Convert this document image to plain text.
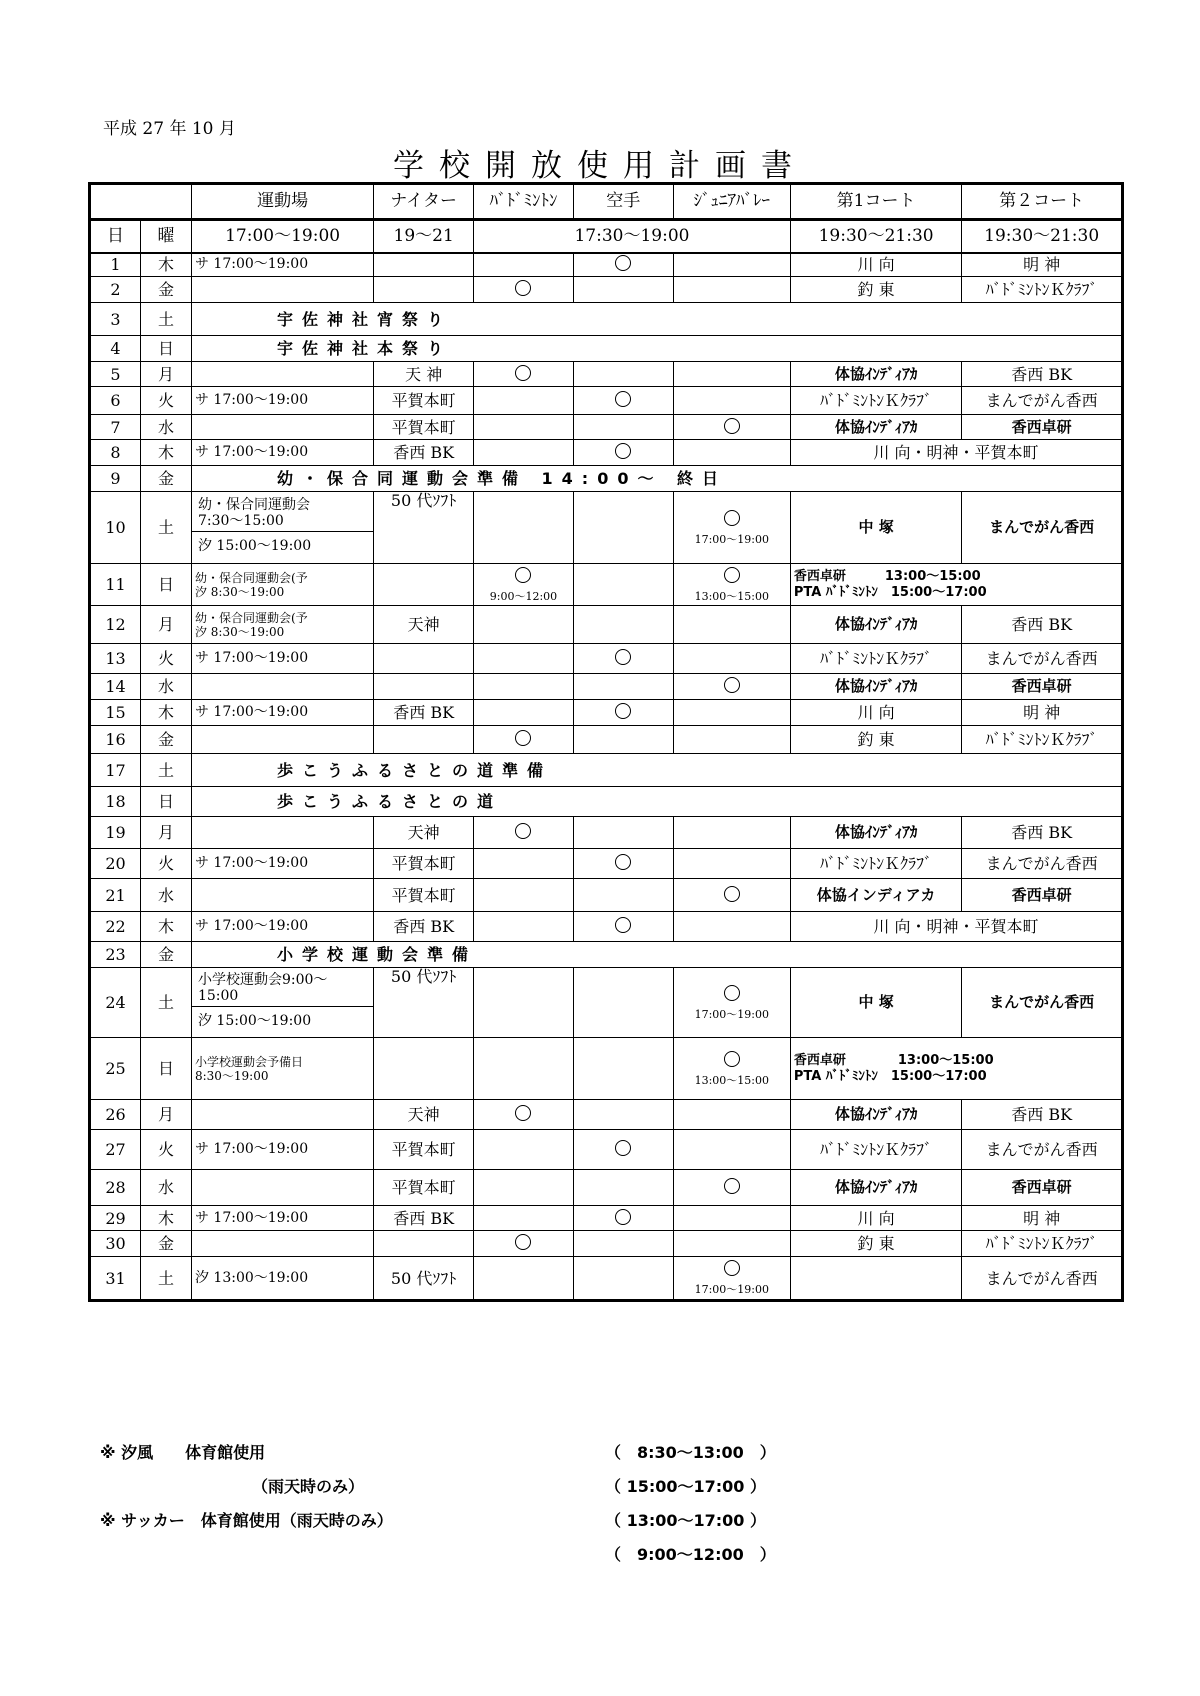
平成 27 年 10 月
学校開放使用計画書
		運動場	ナイター	ﾊﾞﾄﾞﾐﾝﾄﾝ	空手	ｼﾞｭﾆｱﾊﾞﾚｰ	第1コート	第２コート
日	曜	17:00～19:00	19～21	17:30～19:00			19:30～21:30	19:30～21:30
1	木	サ 17:00～19:00					川 向	明 神
2	金						釣 東	ﾊﾞﾄﾞﾐﾝﾄﾝＫｸﾗﾌﾞ
3	土	宇佐神社宵祭り						
4	日	宇佐神社本祭り						
5	月		天 神				体協ｲﾝﾃﾞｨｱｶ	香西 BK
6	火	サ 17:00～19:00	平賀本町				ﾊﾞﾄﾞﾐﾝﾄﾝＫｸﾗﾌﾞ	まんでがん香西
7	水		平賀本町				体協ｲﾝﾃﾞｨｱｶ	香西卓研
8	木	サ 17:00～19:00	香西 BK				川 向・明神・平賀本町	
9	金	幼・保合同運動会準備 14:00～ 終日						
10	土	幼・保合同運動会
7:30～15:00
汐 15:00～19:00	50 代ｿﾌﾄ			17:00～19:00	中 塚	まんでがん香西
11	日	幼・保合同運動会(予
汐 8:30～19:00		9:00～12:00		13:00～15:00	香西卓研　　　13:00～15:00
PTA ﾊﾞﾄﾞﾐﾝﾄﾝ　15:00～17:00	

12	月	幼・保合同運動会(予
汐 8:30～19:00	天神				体協ｲﾝﾃﾞｨｱｶ	香西 BK
13	火	サ 17:00～19:00					ﾊﾞﾄﾞﾐﾝﾄﾝＫｸﾗﾌﾞ	まんでがん香西
14	水						体協ｲﾝﾃﾞｨｱｶ	香西卓研
15	木	サ 17:00～19:00	香西 BK				川 向	明 神
16	金						釣 東	ﾊﾞﾄﾞﾐﾝﾄﾝＫｸﾗﾌﾞ
17	土	歩こうふるさとの道準備						
18	日	歩こうふるさとの道						
19	月		天神				体協ｲﾝﾃﾞｨｱｶ	香西 BK
20	火	サ 17:00～19:00	平賀本町				ﾊﾞﾄﾞﾐﾝﾄﾝＫｸﾗﾌﾞ	まんでがん香西
21	水		平賀本町				体協インディアカ	香西卓研
22	木	サ 17:00～19:00	香西 BK				川 向・明神・平賀本町	
23	金	小学校運動会準備						
24	土	小学校運動会9:00～
15:00
汐 15:00～19:00	50 代ｿﾌﾄ			17:00～19:00	中 塚	まんでがん香西
25	日	小学校運動会予備日
8:30～19:00				13:00～15:00	香西卓研　　　　13:00～15:00
PTA ﾊﾞﾄﾞﾐﾝﾄﾝ　15:00～17:00	

26	月		天神				体協ｲﾝﾃﾞｨｱｶ	香西 BK
27	火	サ 17:00～19:00	平賀本町				ﾊﾞﾄﾞﾐﾝﾄﾝＫｸﾗﾌﾞ	まんでがん香西
28	水		平賀本町				体協ｲﾝﾃﾞｨｱｶ	香西卓研
29	木	サ 17:00～19:00	香西 BK				川 向	明 神
30	金						釣 東	ﾊﾞﾄﾞﾐﾝﾄﾝＫｸﾗﾌﾞ
31	土	汐 13:00～19:00	50 代ｿﾌﾄ			17:00～19:00		まんでがん香西
※ 汐風　　体育館使用	（　8:30～13:00　）
　　　　　　　　　　（雨天時のみ）	（ 15:00～17:00 ）
※ サッカー　体育館使用（雨天時のみ）	（ 13:00～17:00 ）
（　9:00～12:00　）
